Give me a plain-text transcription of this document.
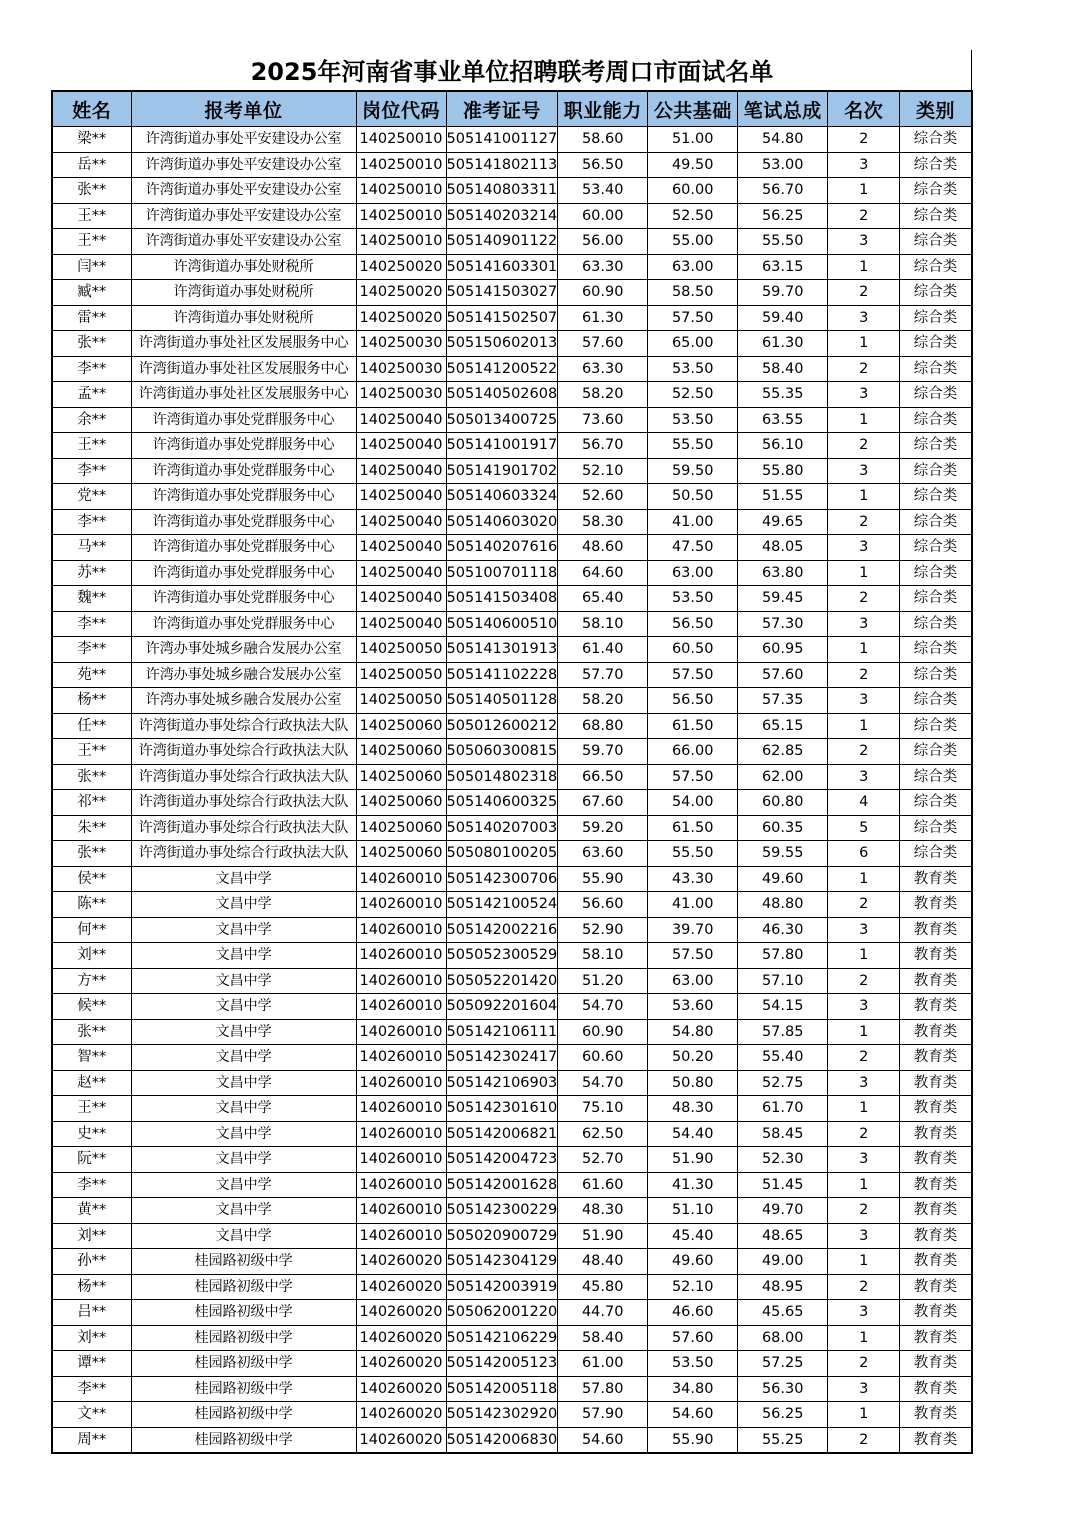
2025年河南省事业单位招聘联考周口市面试名单
姓名	报考单位	岗位代码	准考证号	职业能力	公共基础	笔试总成	名次	类别
梁**	许湾街道办事处平安建设办公室	140250010	505141001127	58.60	51.00	54.80	2	综合类
岳**	许湾街道办事处平安建设办公室	140250010	505141802113	56.50	49.50	53.00	3	综合类
张**	许湾街道办事处平安建设办公室	140250010	505140803311	53.40	60.00	56.70	1	综合类
王**	许湾街道办事处平安建设办公室	140250010	505140203214	60.00	52.50	56.25	2	综合类
王**	许湾街道办事处平安建设办公室	140250010	505140901122	56.00	55.00	55.50	3	综合类
闫**	许湾街道办事处财税所	140250020	505141603301	63.30	63.00	63.15	1	综合类
臧**	许湾街道办事处财税所	140250020	505141503027	60.90	58.50	59.70	2	综合类
雷**	许湾街道办事处财税所	140250020	505141502507	61.30	57.50	59.40	3	综合类
张**	许湾街道办事处社区发展服务中心	140250030	505150602013	57.60	65.00	61.30	1	综合类
李**	许湾街道办事处社区发展服务中心	140250030	505141200522	63.30	53.50	58.40	2	综合类
孟**	许湾街道办事处社区发展服务中心	140250030	505140502608	58.20	52.50	55.35	3	综合类
余**	许湾街道办事处党群服务中心	140250040	505013400725	73.60	53.50	63.55	1	综合类
王**	许湾街道办事处党群服务中心	140250040	505141001917	56.70	55.50	56.10	2	综合类
李**	许湾街道办事处党群服务中心	140250040	505141901702	52.10	59.50	55.80	3	综合类
党**	许湾街道办事处党群服务中心	140250040	505140603324	52.60	50.50	51.55	1	综合类
李**	许湾街道办事处党群服务中心	140250040	505140603020	58.30	41.00	49.65	2	综合类
马**	许湾街道办事处党群服务中心	140250040	505140207616	48.60	47.50	48.05	3	综合类
苏**	许湾街道办事处党群服务中心	140250040	505100701118	64.60	63.00	63.80	1	综合类
魏**	许湾街道办事处党群服务中心	140250040	505141503408	65.40	53.50	59.45	2	综合类
李**	许湾街道办事处党群服务中心	140250040	505140600510	58.10	56.50	57.30	3	综合类
李**	许湾办事处城乡融合发展办公室	140250050	505141301913	61.40	60.50	60.95	1	综合类
苑**	许湾办事处城乡融合发展办公室	140250050	505141102228	57.70	57.50	57.60	2	综合类
杨**	许湾办事处城乡融合发展办公室	140250050	505140501128	58.20	56.50	57.35	3	综合类
任**	许湾街道办事处综合行政执法大队	140250060	505012600212	68.80	61.50	65.15	1	综合类
王**	许湾街道办事处综合行政执法大队	140250060	505060300815	59.70	66.00	62.85	2	综合类
张**	许湾街道办事处综合行政执法大队	140250060	505014802318	66.50	57.50	62.00	3	综合类
祁**	许湾街道办事处综合行政执法大队	140250060	505140600325	67.60	54.00	60.80	4	综合类
朱**	许湾街道办事处综合行政执法大队	140250060	505140207003	59.20	61.50	60.35	5	综合类
张**	许湾街道办事处综合行政执法大队	140250060	505080100205	63.60	55.50	59.55	6	综合类
侯**	文昌中学	140260010	505142300706	55.90	43.30	49.60	1	教育类
陈**	文昌中学	140260010	505142100524	56.60	41.00	48.80	2	教育类
何**	文昌中学	140260010	505142002216	52.90	39.70	46.30	3	教育类
刘**	文昌中学	140260010	505052300529	58.10	57.50	57.80	1	教育类
方**	文昌中学	140260010	505052201420	51.20	63.00	57.10	2	教育类
候**	文昌中学	140260010	505092201604	54.70	53.60	54.15	3	教育类
张**	文昌中学	140260010	505142106111	60.90	54.80	57.85	1	教育类
智**	文昌中学	140260010	505142302417	60.60	50.20	55.40	2	教育类
赵**	文昌中学	140260010	505142106903	54.70	50.80	52.75	3	教育类
王**	文昌中学	140260010	505142301610	75.10	48.30	61.70	1	教育类
史**	文昌中学	140260010	505142006821	62.50	54.40	58.45	2	教育类
阮**	文昌中学	140260010	505142004723	52.70	51.90	52.30	3	教育类
李**	文昌中学	140260010	505142001628	61.60	41.30	51.45	1	教育类
黄**	文昌中学	140260010	505142300229	48.30	51.10	49.70	2	教育类
刘**	文昌中学	140260010	505020900729	51.90	45.40	48.65	3	教育类
孙**	桂园路初级中学	140260020	505142304129	48.40	49.60	49.00	1	教育类
杨**	桂园路初级中学	140260020	505142003919	45.80	52.10	48.95	2	教育类
吕**	桂园路初级中学	140260020	505062001220	44.70	46.60	45.65	3	教育类
刘**	桂园路初级中学	140260020	505142106229	58.40	57.60	68.00	1	教育类
谭**	桂园路初级中学	140260020	505142005123	61.00	53.50	57.25	2	教育类
李**	桂园路初级中学	140260020	505142005118	57.80	34.80	56.30	3	教育类
文**	桂园路初级中学	140260020	505142302920	57.90	54.60	56.25	1	教育类
周**	桂园路初级中学	140260020	505142006830	54.60	55.90	55.25	2	教育类
